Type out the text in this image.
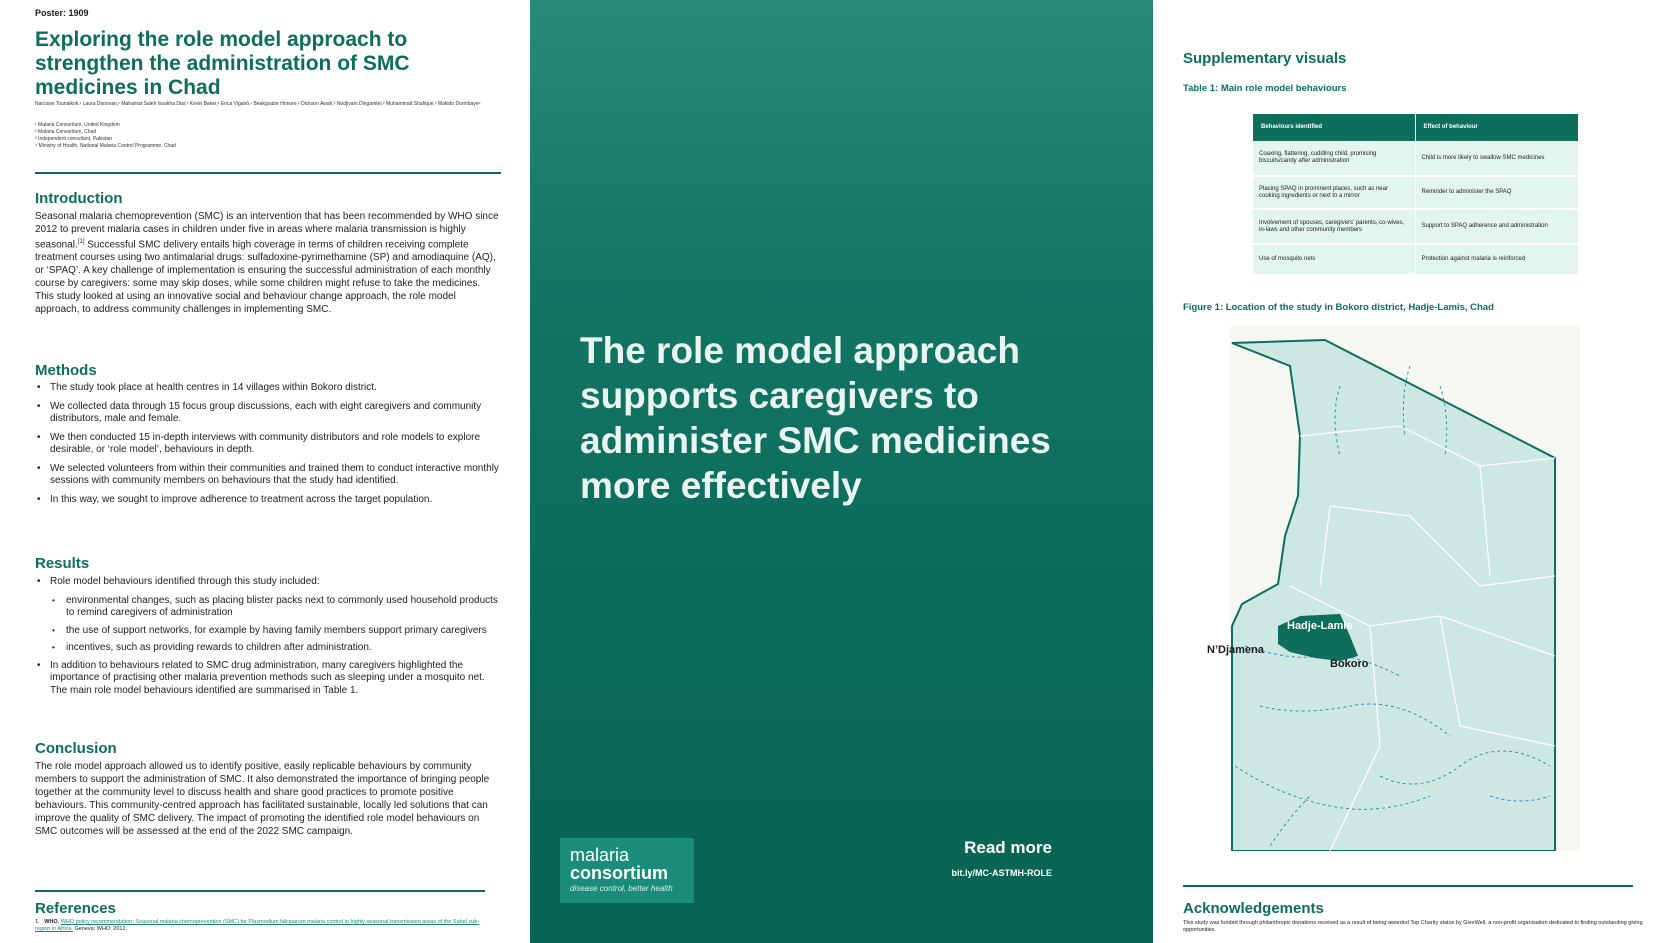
Poster: 1909
Exploring the role model approach to strengthen the administration of SMC medicines in Chad
Narcisse Tounaikok,¹ Laura Donovan,¹ Mahamat Saleh Issakha Diar,² Kevin Baker,¹ Erica Viganò,¹ Beakgoube Honore,² Dickson Awah,² Nodjiyam Dingamtel,² Muhammad Shafique,³ Makido Dormbaye⁴
¹ Malaria Consortium, United Kingdom
² Malaria Consortium, Chad
³ Independent consultant, Pakistan
⁴ Ministry of Health, National Malaria Control Programme, Chad
Introduction
Seasonal malaria chemoprevention (SMC) is an intervention that has been recommended by WHO since 2012 to prevent malaria cases in children under five in areas where malaria transmission is highly seasonal.[1] Successful SMC delivery entails high coverage in terms of children receiving complete treatment courses using two antimalarial drugs: sulfadoxine-pyrimethamine (SP) and amodiaquine (AQ), or ‘SPAQ’. A key challenge of implementation is ensuring the successful administration of each monthly course by caregivers: some may skip doses, while some children might refuse to take the medicines. This study looked at using an innovative social and behaviour change approach, the role model approach, to address community challenges in implementing SMC.
Methods
• The study took place at health centres in 14 villages within Bokoro district.
• We collected data through 15 focus group discussions, each with eight caregivers and community distributors, male and female.
• We then conducted 15 in-depth interviews with community distributors and role models to explore desirable, or ‘role model’, behaviours in depth.
• We selected volunteers from within their communities and trained them to conduct interactive monthly sessions with community members on behaviours that the study had identified.
• In this way, we sought to improve adherence to treatment across the target population.
Results
• Role model behaviours identified through this study included:
• environmental changes, such as placing blister packs next to commonly used household products to remind caregivers of administration
• the use of support networks, for example by having family members support primary caregivers
• incentives, such as providing rewards to children after administration.
• In addition to behaviours related to SMC drug administration, many caregivers highlighted the importance of practising other malaria prevention methods such as sleeping under a mosquito net. The main role model behaviours identified are summarised in Table 1.
Conclusion
The role model approach allowed us to identify positive, easily replicable behaviours by community members to support the administration of SMC. It also demonstrated the importance of bringing people together at the community level to discuss health and share good practices to promote positive behaviours. This community-centred approach has facilitated sustainable, locally led solutions that can improve the quality of SMC delivery. The impact of promoting the identified role model behaviours on SMC outcomes will be assessed at the end of the 2022 SMC campaign.
References
1. WHO. WHO policy recommendation: Seasonal malaria chemoprevention (SMC) for Plasmodium falciparum malaria control in highly seasonal transmission areas of the Sahel sub- region in Africa. Geneva: WHO; 2012.
The role model approach supports caregivers to administer SMC medicines more effectively
malaria
consortium
disease control, better health
Read more
bit.ly/MC-ASTMH-ROLE
Supplementary visuals
Table 1: Main role model behaviours
Behaviours identified	Effect of behaviour
Coaxing, flattering, cuddling child, promising biscuits/candy after administration	Child is more likely to swallow SMC medicines
Placing SPAQ in prominent places, such as near cooking ingredients or next to a mirror	Reminder to administer the SPAQ
Involvement of spouses, caregivers’ parents, co-wives, in-laws and other community members	Support to SPAQ adherence and administration
Use of mosquito nets	Protection against malaria is reinforced
Figure 1: Location of the study in Bokoro district, Hadje-Lamis, Chad
Hadje-Lamis
N’Djamena
Bokoro
Acknowledgements
This study was funded through philanthropic donations received as a result of being awarded Top Charity status by GiveWell, a non-profit organisation dedicated to finding outstanding giving opportunities.
